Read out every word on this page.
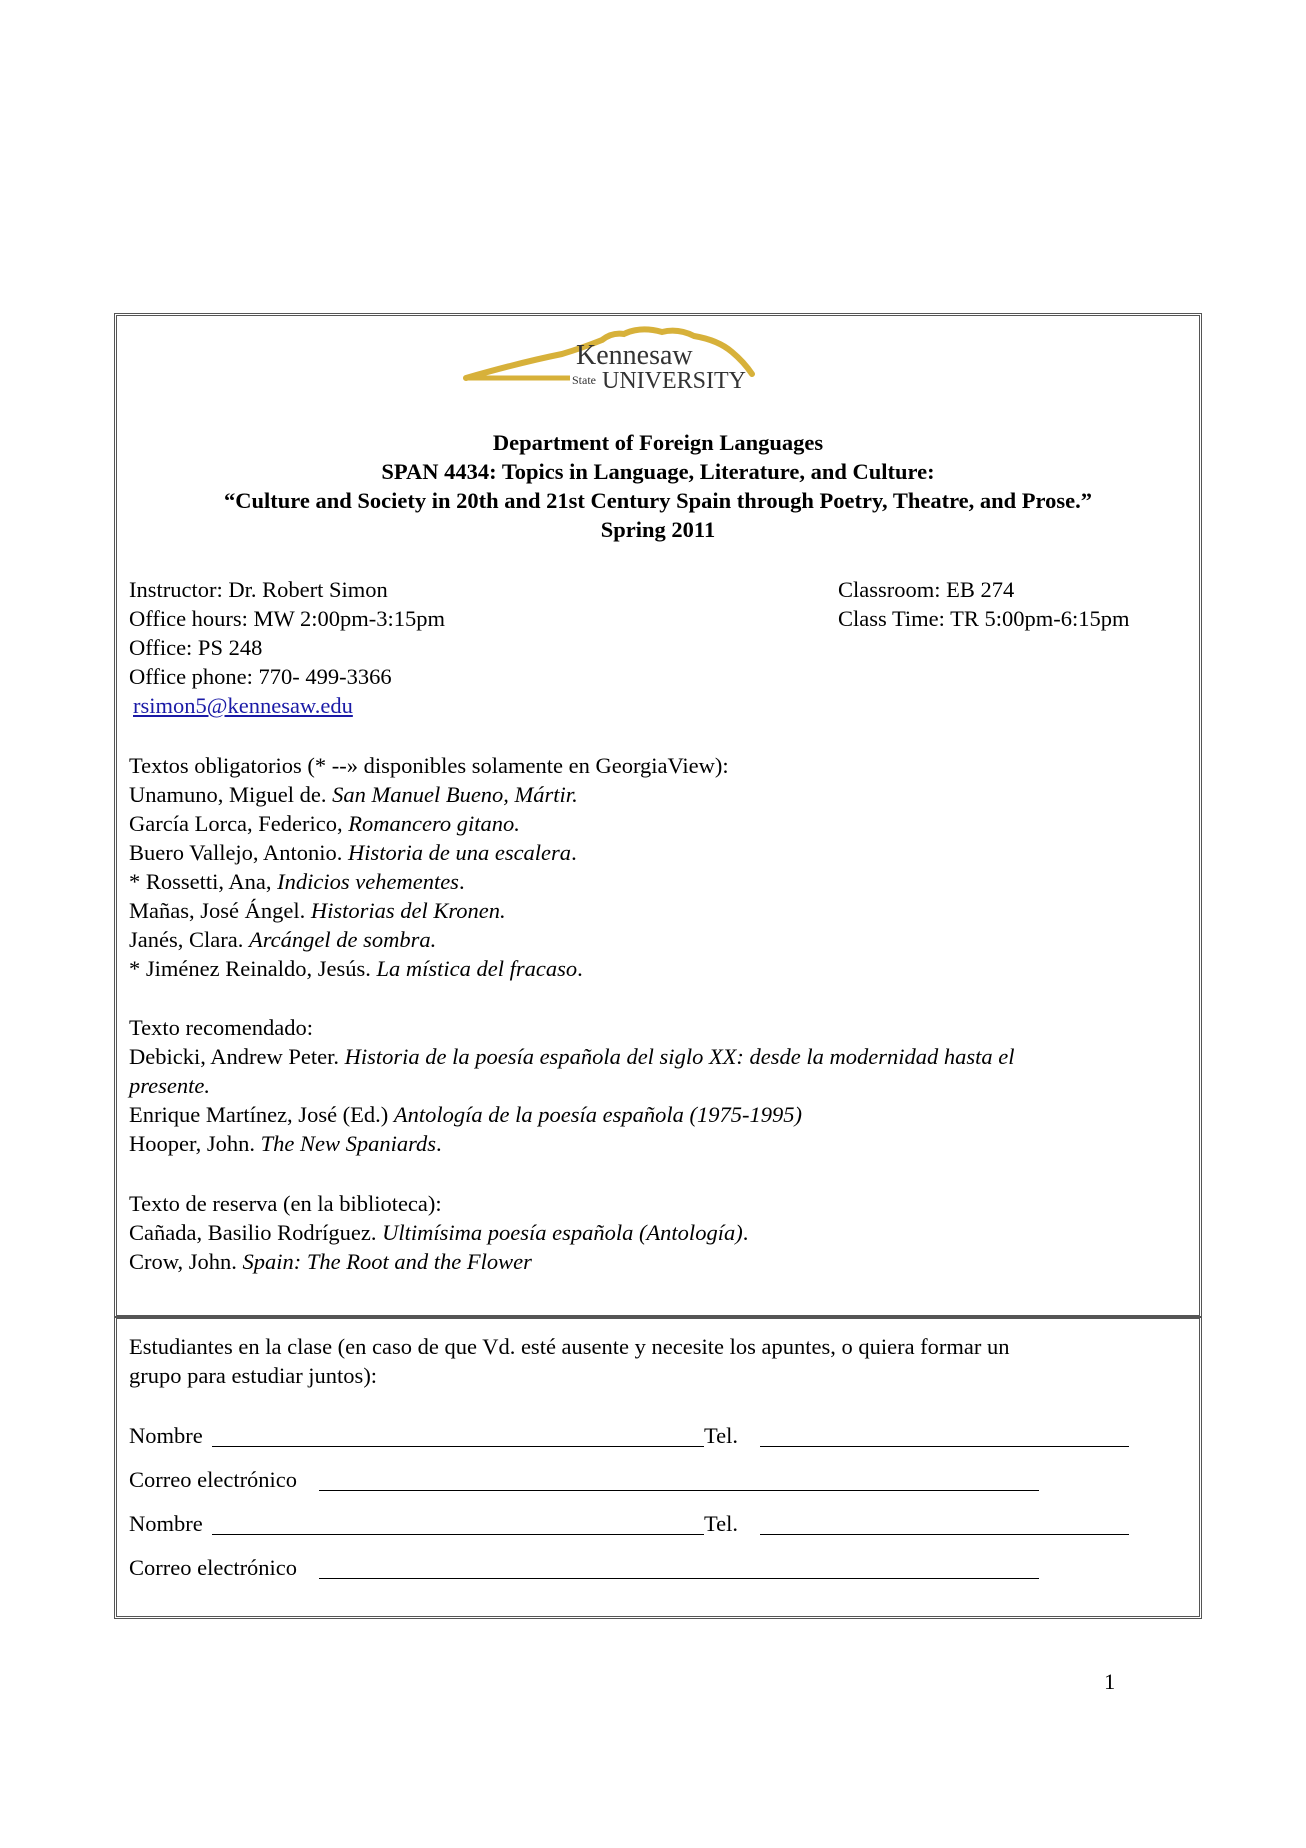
Kennesaw
State UNIVERSITY
Department of Foreign Languages
SPAN 4434: Topics in Language, Literature, and Culture:
“Culture and Society in 20th and 21st Century Spain through Poetry, Theatre, and Prose.”
Spring 2011
Instructor: Dr. Robert Simon
Office hours: MW 2:00pm-3:15pm
Office: PS 248
Office phone: 770- 499-3366
rsimon5@kennesaw.edu
Classroom: EB 274
Class Time: TR 5:00pm-6:15pm
Textos obligatorios (* --» disponibles solamente en GeorgiaView):
Unamuno, Miguel de. San Manuel Bueno, Mártir.
García Lorca, Federico, Romancero gitano.
Buero Vallejo, Antonio. Historia de una escalera.
* Rossetti, Ana, Indicios vehementes.
Mañas, José Ángel. Historias del Kronen.
Janés, Clara. Arcángel de sombra.
* Jiménez Reinaldo, Jesús. La mística del fracaso.
Texto recomendado:
Debicki, Andrew Peter. Historia de la poesía española del siglo XX: desde la modernidad hasta el
presente.
Enrique Martínez, José (Ed.) Antología de la poesía española (1975-1995)
Hooper, John. The New Spaniards.
Texto de reserva (en la biblioteca):
Cañada, Basilio Rodríguez. Ultimísima poesía española (Antología).
Crow, John. Spain: The Root and the Flower
Estudiantes en la clase (en caso de que Vd. esté ausente y necesite los apuntes, o quiera formar un
grupo para estudiar juntos):
Nombre	Tel.
Correo electrónico
Nombre	Tel.
Correo electrónico
1
